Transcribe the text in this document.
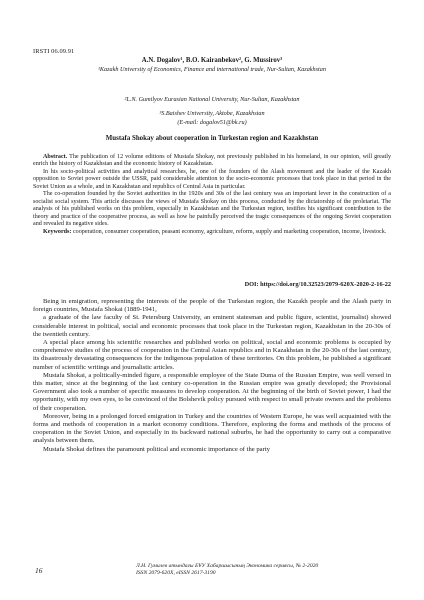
IRSTI 06.09.91
A.N. Dogalov¹, B.O. Kairanbekov², G. Mussirov³
¹Kazakh University of Economics, Finance and international trade, Nur-Sultan, Kazakhstan
²L.N. Gumilyov Eurasian National University, Nur-Sultan, Kazakhstan
³S.Baishev University, Aktobe, Kazakhstan
(E-mail: dogalov51@bk.ru)
Mustafa Shokay about cooperation in Turkestan region and Kazakhstan

Abstract. The publication of 12 volume editions of Mustafa Shokay, not previously published in his homeland, in our opinion, will greatly enrich the history of Kazakhstan and the economic history of Kazakhstan.

In his socio-political activities and analytical researches, he, one of the founders of the Alash movement and the leader of the Kazakh opposition to Soviet power outside the USSR, paid considerable attention to the socio-economic processes that took place in that period in the Soviet Union as a whole, and in Kazakhstan and republics of Central Asia in particular.

The co-operation founded by the Soviet authorities in the 1920s and 30s of the last century was an important lever in the construction of a socialist social system. This article discusses the views of Mustafa Shokay on this process, conducted by the dictatorship of the proletariat. The analysis of his published works on this problem, especially in Kazakhstan and the Turkestan region, testifies his significant contribution to the theory and practice of the cooperative process, as well as how he painfully perceived the tragic consequences of the ongoing Soviet cooperation and revealed its negative sides.

Keywords: cooperation, consumer cooperation, peasant economy, agriculture, reform, supply and marketing cooperation, income, livestock.

DOI: https://doi.org/10.32523/2079-620X-2020-2-16-22

Being in emigration, representing the interests of the people of the Turkestan region, the Kazakh people and the Alash party in foreign countries, Mustafa Shokai (1889-1941,

a graduate of the law faculty of St. Petersburg University, an eminent statesman and public figure, scientist, journalist) showed considerable interest in political, social and economic processes that took place in the Turkestan region, Kazakhstan in the 20-30s of the twentieth century.

A special place among his scientific researches and published works on political, social and economic problems is occupied by comprehensive studies of the process of cooperation in the Central Asian republics and in Kazakhstan in the 20-30s of the last century, its disastrously devastating consequences for the indigenous population of these territories. On this problem, he published a significant number of scientific writings and journalistic articles.

Mustafa Shokai, a politically-minded figure, a responsible employee of the State Duma of the Russian Empire, was well versed in this matter, since at the beginning of the last century co-operation in the Russian empire was greatly developed; the Provisional Government also took a number of specific measures to develop cooperation. At the beginning of the birth of Soviet power, I had the opportunity, with my own eyes, to be convinced of the Bolshevik policy pursued with respect to small private owners and the problems of their cooperation.

Moreover, being in a prolonged forced emigration in Turkey and the countries of Western Europe, he was well acquainted with the forms and methods of cooperation in a market economy conditions. Therefore, exploring the forms and methods of the process of cooperation in the Soviet Union, and especially in its backward national suburbs, he had the opportunity to carry out a comparative analysis between them.

Mustafa Shokai defines the paramount political and economic importance of the party

16	Л.Н. Гумилев атындағы ЕҰУ Хабаршысының Экономика сериясы, № 2-2020
ISSN 2079-620X, eISSN 2617-3190
